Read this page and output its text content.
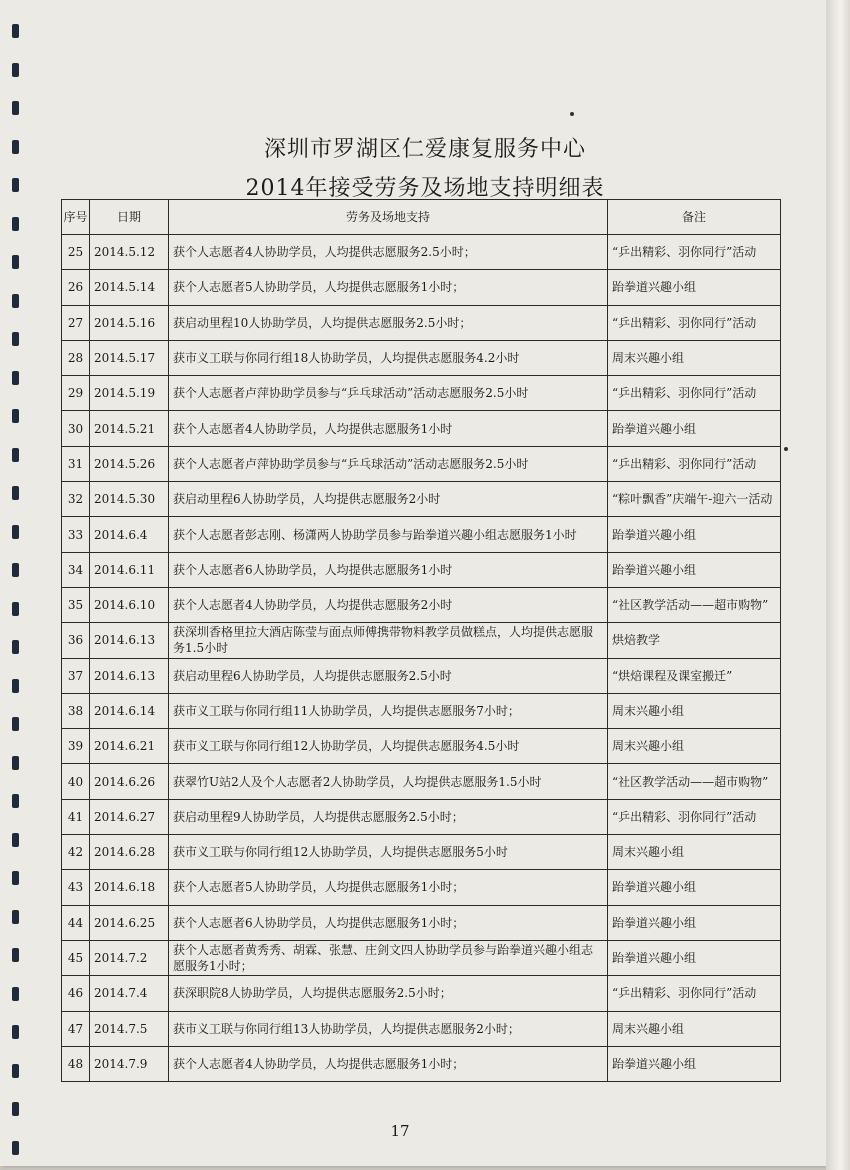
深圳市罗湖区仁爱康复服务中心
2014年接受劳务及场地支持明细表
序号	日期	劳务及场地支持	备注
25	2014.5.12	获个人志愿者4人协助学员，人均提供志愿服务2.5小时；	“乒出精彩、羽你同行”活动
26	2014.5.14	获个人志愿者5人协助学员，人均提供志愿服务1小时；	跆拳道兴趣小组
27	2014.5.16	获启动里程10人协助学员，人均提供志愿服务2.5小时；	“乒出精彩、羽你同行”活动
28	2014.5.17	获市义工联与你同行组18人协助学员，人均提供志愿服务4.2小时	周末兴趣小组
29	2014.5.19	获个人志愿者卢萍协助学员参与“乒乓球活动”活动志愿服务2.5小时	“乒出精彩、羽你同行”活动
30	2014.5.21	获个人志愿者4人协助学员，人均提供志愿服务1小时	跆拳道兴趣小组
31	2014.5.26	获个人志愿者卢萍协助学员参与“乒乓球活动”活动志愿服务2.5小时	“乒出精彩、羽你同行”活动
32	2014.5.30	获启动里程6人协助学员，人均提供志愿服务2小时	“粽叶飘香”庆端午-迎六一活动
33	2014.6.4	获个人志愿者彭志刚、杨潇两人协助学员参与跆拳道兴趣小组志愿服务1小时	跆拳道兴趣小组
34	2014.6.11	获个人志愿者6人协助学员，人均提供志愿服务1小时	跆拳道兴趣小组
35	2014.6.10	获个人志愿者4人协助学员，人均提供志愿服务2小时	“社区教学活动——超市购物”
36	2014.6.13	获深圳香格里拉大酒店陈莹与面点师傅携带物料教学员做糕点，人均提供志愿服务1.5小时	烘焙教学
37	2014.6.13	获启动里程6人协助学员，人均提供志愿服务2.5小时	“烘焙课程及课室搬迁”
38	2014.6.14	获市义工联与你同行组11人协助学员，人均提供志愿服务7小时；	周末兴趣小组
39	2014.6.21	获市义工联与你同行组12人协助学员，人均提供志愿服务4.5小时	周末兴趣小组
40	2014.6.26	获翠竹U站2人及个人志愿者2人协助学员，人均提供志愿服务1.5小时	“社区教学活动——超市购物”
41	2014.6.27	获启动里程9人协助学员，人均提供志愿服务2.5小时；	“乒出精彩、羽你同行”活动
42	2014.6.28	获市义工联与你同行组12人协助学员，人均提供志愿服务5小时	周末兴趣小组
43	2014.6.18	获个人志愿者5人协助学员，人均提供志愿服务1小时；	跆拳道兴趣小组
44	2014.6.25	获个人志愿者6人协助学员，人均提供志愿服务1小时；	跆拳道兴趣小组
45	2014.7.2	获个人志愿者黄秀秀、胡霖、张慧、庄剑文四人协助学员参与跆拳道兴趣小组志愿服务1小时；	跆拳道兴趣小组
46	2014.7.4	获深职院8人协助学员，人均提供志愿服务2.5小时；	“乒出精彩、羽你同行”活动
47	2014.7.5	获市义工联与你同行组13人协助学员，人均提供志愿服务2小时；	周末兴趣小组
48	2014.7.9	获个人志愿者4人协助学员，人均提供志愿服务1小时；	跆拳道兴趣小组
17
